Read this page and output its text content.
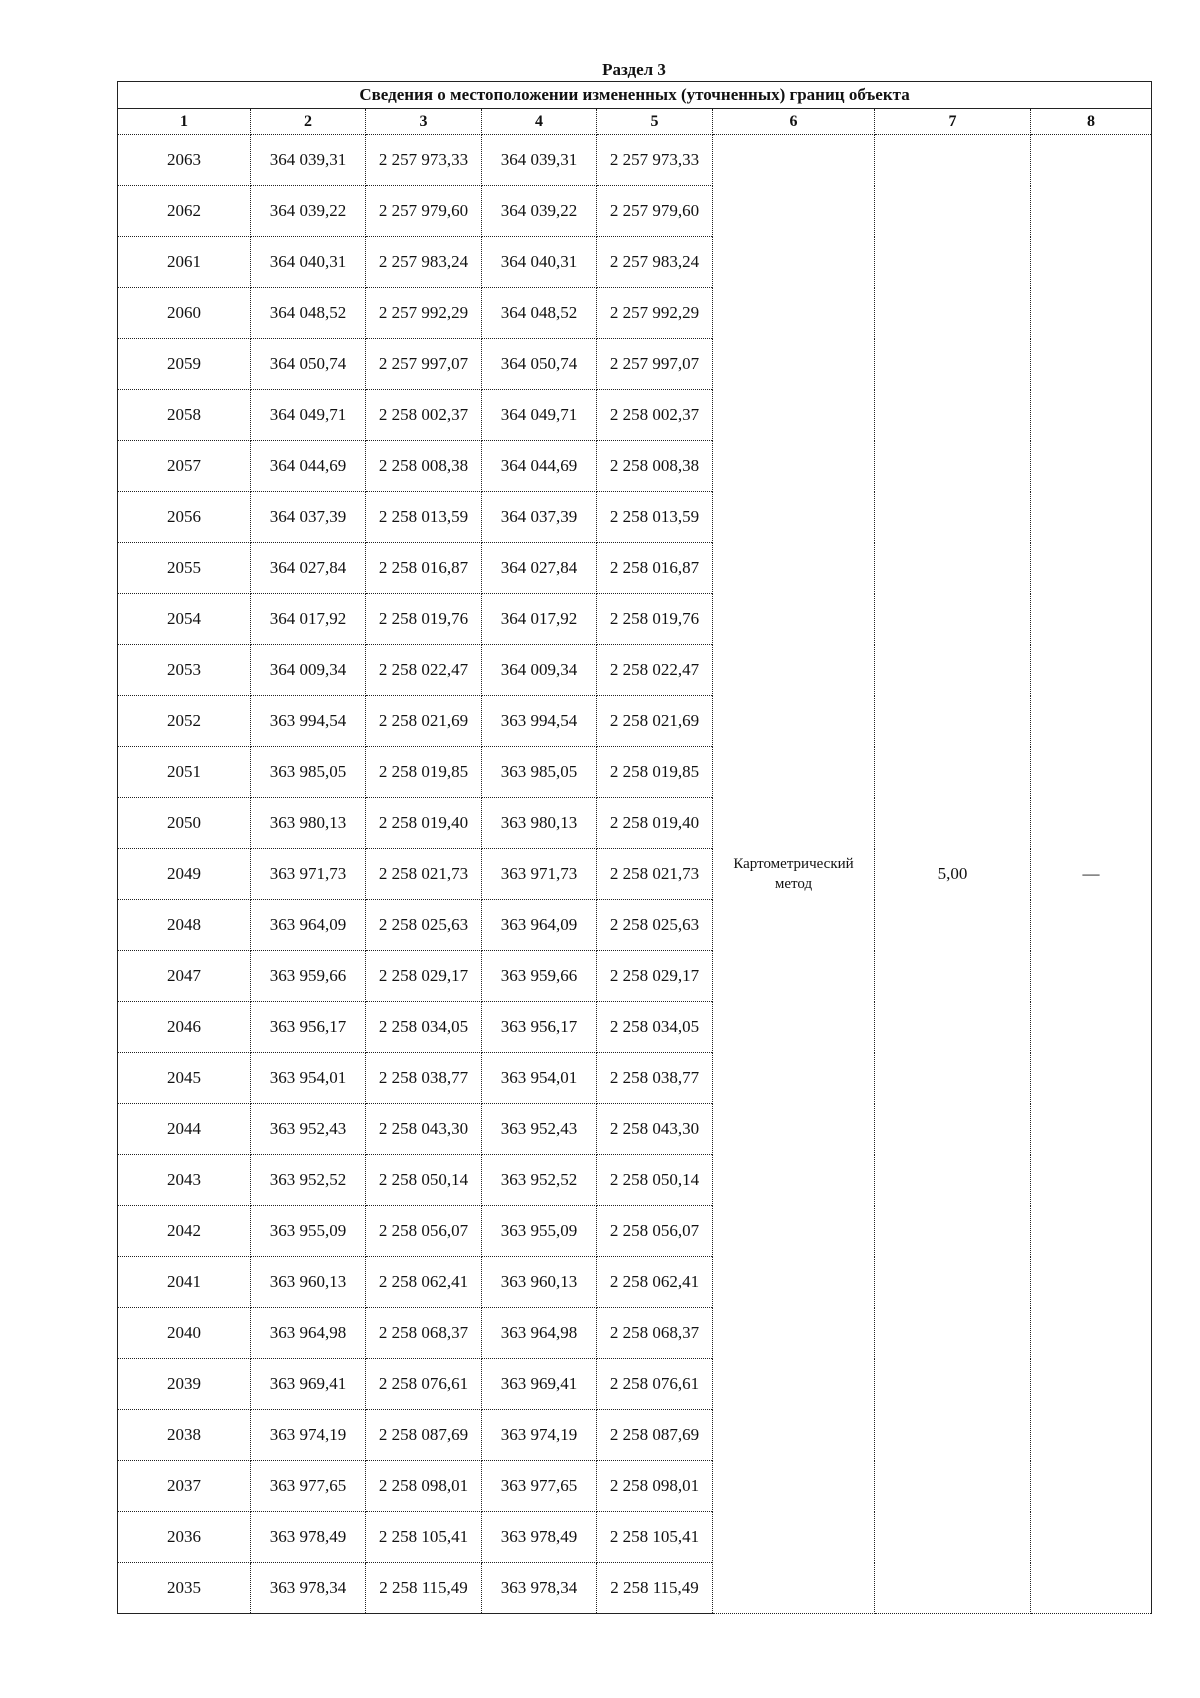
Раздел 3
Сведения о местоположении измененных (уточненных) границ объекта							
1	2	3	4	5	6	7	8
2063	364 039,31	2 257 973,33	364 039,31	2 257 973,33	Картометрический метод	5,00	—
2062	364 039,22	2 257 979,60	364 039,22	2 257 979,60			
2061	364 040,31	2 257 983,24	364 040,31	2 257 983,24			
2060	364 048,52	2 257 992,29	364 048,52	2 257 992,29			
2059	364 050,74	2 257 997,07	364 050,74	2 257 997,07			
2058	364 049,71	2 258 002,37	364 049,71	2 258 002,37			
2057	364 044,69	2 258 008,38	364 044,69	2 258 008,38			
2056	364 037,39	2 258 013,59	364 037,39	2 258 013,59			
2055	364 027,84	2 258 016,87	364 027,84	2 258 016,87			
2054	364 017,92	2 258 019,76	364 017,92	2 258 019,76			
2053	364 009,34	2 258 022,47	364 009,34	2 258 022,47			
2052	363 994,54	2 258 021,69	363 994,54	2 258 021,69			
2051	363 985,05	2 258 019,85	363 985,05	2 258 019,85			
2050	363 980,13	2 258 019,40	363 980,13	2 258 019,40			
2049	363 971,73	2 258 021,73	363 971,73	2 258 021,73			
2048	363 964,09	2 258 025,63	363 964,09	2 258 025,63			
2047	363 959,66	2 258 029,17	363 959,66	2 258 029,17			
2046	363 956,17	2 258 034,05	363 956,17	2 258 034,05			
2045	363 954,01	2 258 038,77	363 954,01	2 258 038,77			
2044	363 952,43	2 258 043,30	363 952,43	2 258 043,30			
2043	363 952,52	2 258 050,14	363 952,52	2 258 050,14			
2042	363 955,09	2 258 056,07	363 955,09	2 258 056,07			
2041	363 960,13	2 258 062,41	363 960,13	2 258 062,41			
2040	363 964,98	2 258 068,37	363 964,98	2 258 068,37			
2039	363 969,41	2 258 076,61	363 969,41	2 258 076,61			
2038	363 974,19	2 258 087,69	363 974,19	2 258 087,69			
2037	363 977,65	2 258 098,01	363 977,65	2 258 098,01			
2036	363 978,49	2 258 105,41	363 978,49	2 258 105,41			
2035	363 978,34	2 258 115,49	363 978,34	2 258 115,49			
